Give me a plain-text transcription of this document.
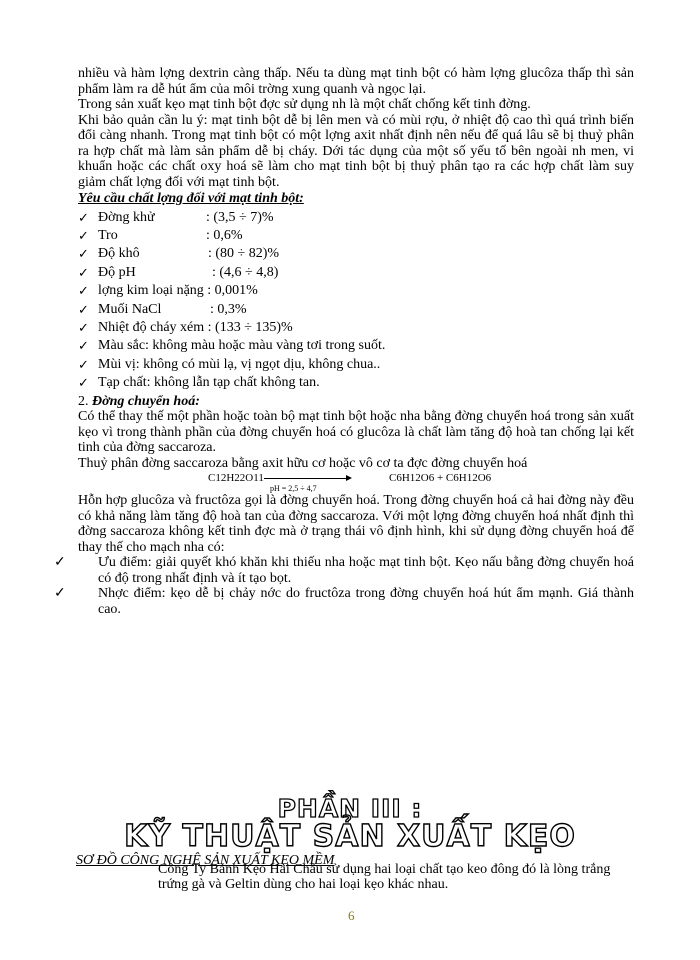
nhiều và hàm lợng dextrin càng thấp. Nếu ta dùng mạt tinh bột có hàm lợng glucôza thấp thì sản phẩm làm ra dễ hút ẩm của môi trờng xung quanh và ngọc lại.

Trong sản xuất kẹo mạt tinh bột đợc sử dụng nh là một chất chống kết tinh đờng.

Khi bảo quản cần lu ý: mạt tinh bột dễ bị lên men và có mùi rợu, ở nhiệt độ cao thì quá trình biến đổi càng nhanh. Trong mạt tinh bột có một lợng axit nhất định nên nếu để quá lâu sẽ bị thuỷ phân ra hợp chất mà làm sản phẩm dễ bị cháy. Dới tác dụng của một số yếu tố bên ngoài nh men, vi khuẩn hoặc các chất oxy hoá sẽ làm cho mạt tinh bột bị thuỷ phân tạo ra các hợp chất làm suy giảm chất lợng đối với mạt tinh bột.

Yêu cầu chất lợng đối với mạt tinh bột:

✓ Đờng khử	: (3,5 ÷ 7)%
✓ Tro	: 0,6%
✓ Độ khô	: (80 ÷ 82)%
✓ Độ pH	: (4,6 ÷ 4,8)
✓ lợng kim loại nặng : 0,001%
✓ Muối NaCl	: 0,3%
✓ Nhiệt độ cháy xém : (133 ÷ 135)%
✓ Màu sắc: không màu hoặc màu vàng tơi trong suốt.
✓ Mùi vị: không có mùi lạ, vị ngọt dịu, không chua..
✓ Tạp chất: không lẫn tạp chất không tan.

2. Đờng chuyển hoá:

Có thể thay thế một phần hoặc toàn bộ mạt tinh bột hoặc nha bằng đờng chuyển hoá trong sản xuất kẹo vì trong thành phần của đờng chuyển hoá có glucôza là chất làm tăng độ hoà tan chống lại kết tinh của đờng saccaroza.

Thuỷ phân đờng saccaroza bằng axit hữu cơ hoặc vô cơ ta đợc đờng chuyển hoá

C12H22O11
pH = 2,5 ÷ 4,7
C6H12O6 + C6H12O6

Hỗn hợp glucôza và fructôza gọi là đờng chuyển hoá. Trong đờng chuyển hoá cả hai đờng này đều có khả năng làm tăng độ hoà tan của đờng saccaroza. Với một lợng đờng chuyển hoá nhất định thì đờng saccaroza không kết tinh đợc mà ở trạng thái vô định hình, khi sử dụng đờng chuyển hoá để thay thế cho mạch nha có:

✓	Ưu điểm: giải quyết khó khăn khi thiếu nha hoặc mạt tinh bột. Kẹo nấu bằng đờng chuyển hoá có độ trong nhất định và ít tạo bọt.

✓	Nhợc điểm: kẹo dễ bị chảy nớc do fructôza trong đờng chuyển hoá hút ẩm mạnh. Giá thành cao.

PHẦN III :
KỸ THUẬT SẢN XUẤT KẸO
SƠ ĐỒ CÔNG NGHỆ SẢN XUẤT KẸO MỀM
Công Ty Bánh Kẹo Hải Châu sử dụng hai loại chất tạo keo đông đó là lòng trắng trứng gà và Geltin dùng cho hai loại kẹo khác nhau.
6
